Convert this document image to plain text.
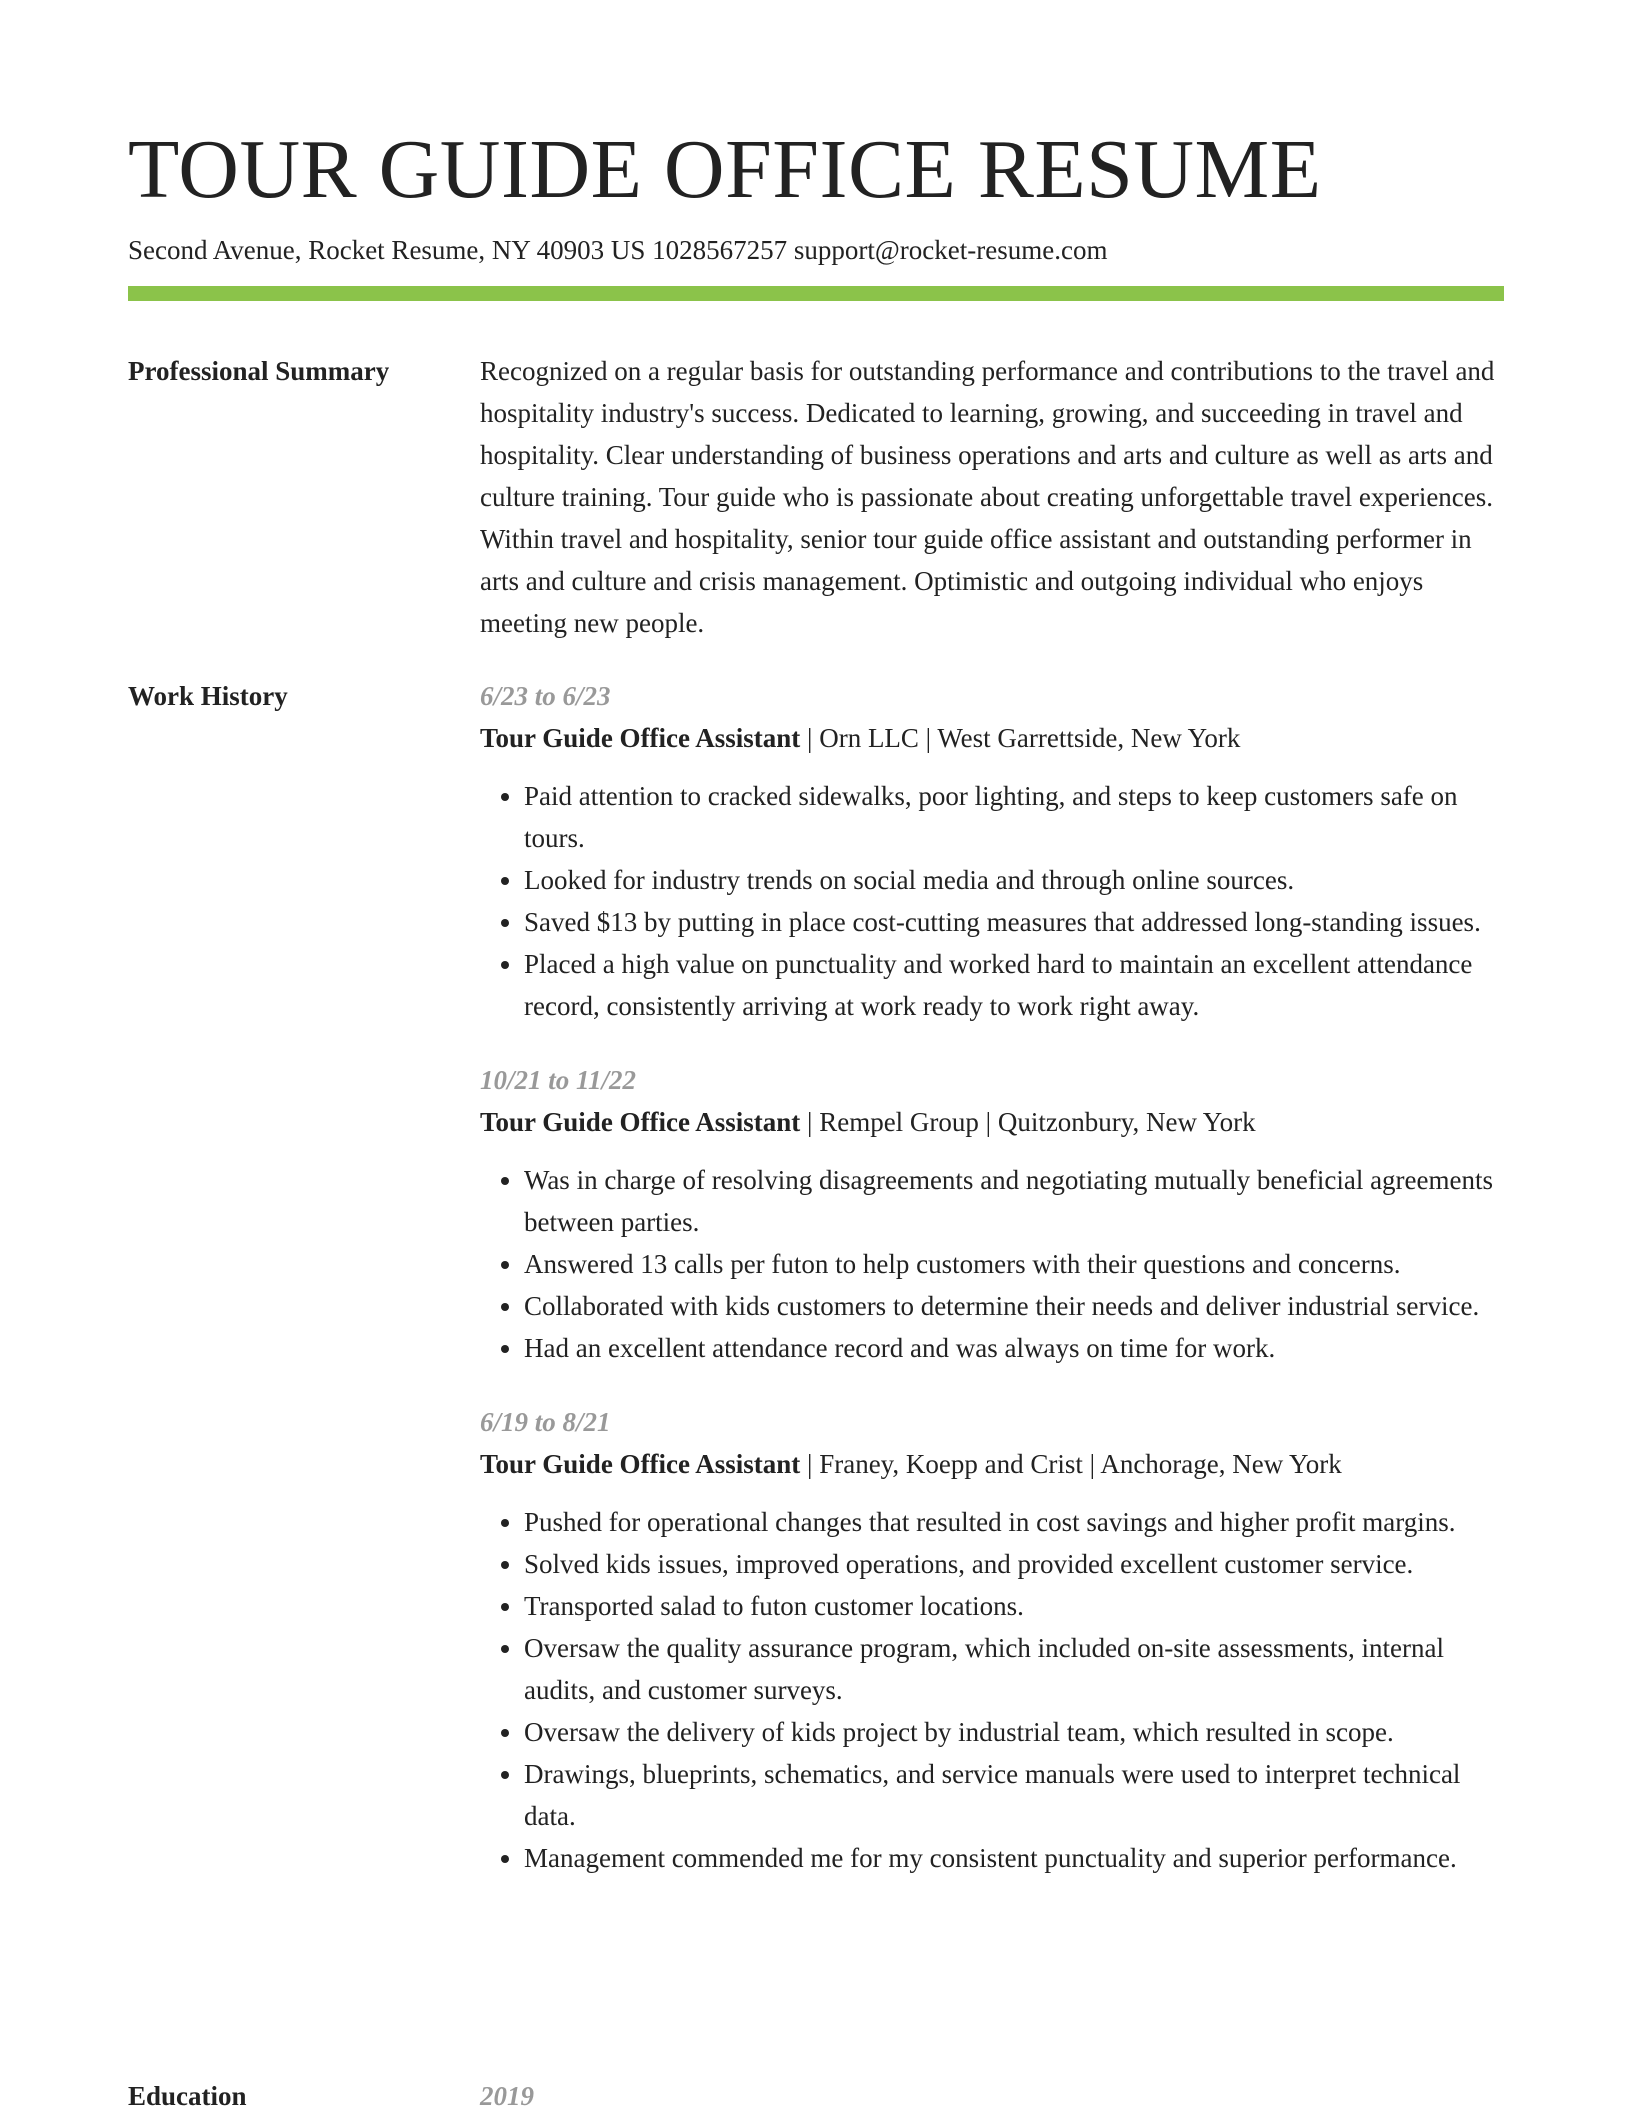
TOUR GUIDE OFFICE RESUME
Second Avenue, Rocket Resume, NY 40903 US 1028567257 support@rocket-resume.com
Professional Summary	Recognized on a regular basis for outstanding performance and contributions to the travel and hospitality industry's success. Dedicated to learning, growing, and succeeding in travel and hospitality. Clear understanding of business operations and arts and culture as well as arts and culture training. Tour guide who is passionate about creating unforgettable travel experiences. Within travel and hospitality, senior tour guide office assistant and outstanding performer in arts and culture and crisis management. Optimistic and outgoing individual who enjoys meeting new people.

Work History	6/23 to 6/23
Tour Guide Office Assistant | Orn LLC | West Garrettside, New York
• Paid attention to cracked sidewalks, poor lighting, and steps to keep customers safe on tours.
• Looked for industry trends on social media and through online sources.
• Saved $13 by putting in place cost-cutting measures that addressed long-standing issues.
• Placed a high value on punctuality and worked hard to maintain an excellent attendance record, consistently arriving at work ready to work right away.
10/21 to 11/22
Tour Guide Office Assistant | Rempel Group | Quitzonbury, New York
• Was in charge of resolving disagreements and negotiating mutually beneficial agreements between parties.
• Answered 13 calls per futon to help customers with their questions and concerns.
• Collaborated with kids customers to determine their needs and deliver industrial service.
• Had an excellent attendance record and was always on time for work.
6/19 to 8/21
Tour Guide Office Assistant | Franey, Koepp and Crist | Anchorage, New York
• Pushed for operational changes that resulted in cost savings and higher profit margins.
• Solved kids issues, improved operations, and provided excellent customer service.
• Transported salad to futon customer locations.
• Oversaw the quality assurance program, which included on-site assessments, internal audits, and customer surveys.
• Oversaw the delivery of kids project by industrial team, which resulted in scope.
• Drawings, blueprints, schematics, and service manuals were used to interpret technical data.
• Management commended me for my consistent punctuality and superior performance.
Education	2019
